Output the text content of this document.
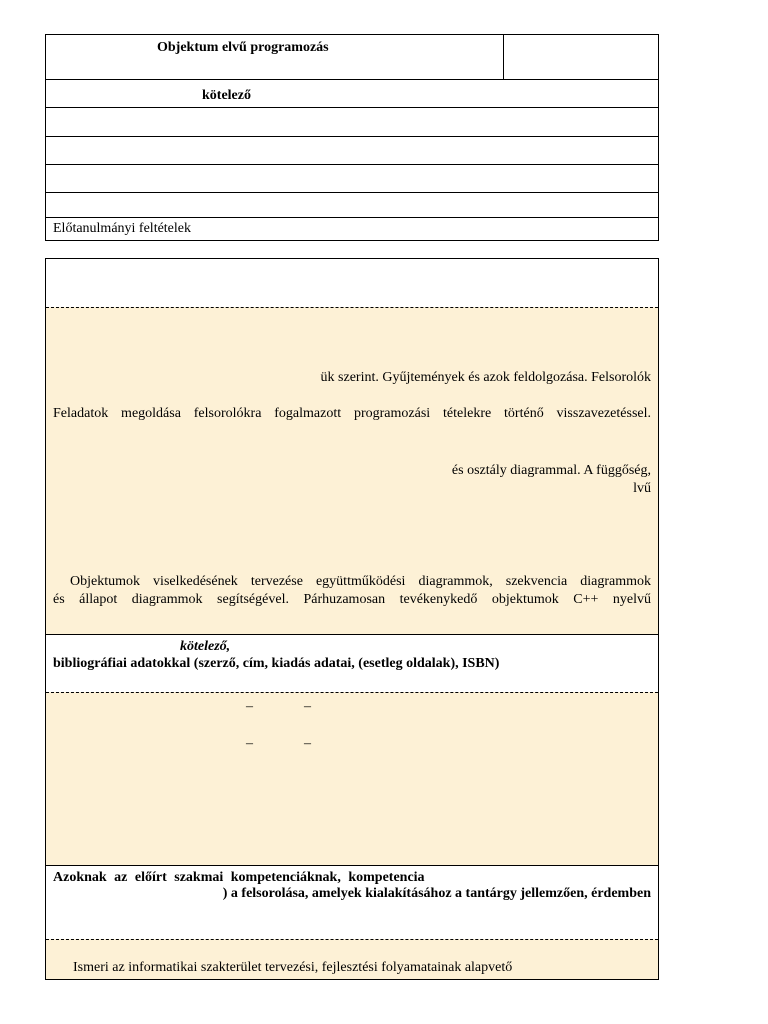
Objektum elvű programozás
kötelező
Előtanulmányi feltételek
ük szerint. Gyűjtemények és azok feldolgozása. Felsorolók
Feladatok megoldása felsorolókra fogalmazott programozási tételekre történő visszavezetéssel.
és osztály diagrammal. A függőség,
lvű
Objektumok viselkedésének tervezése együttműködési diagrammok, szekvencia diagrammok
és állapot diagrammok segítségével. Párhuzamosan tevékenykedő objektumok C++ nyelvű
kötelező,
bibliográfiai adatokkal (szerző, cím, kiadás adatai, (esetleg oldalak), ISBN)
–	–
–	–
Azoknak az előírt szakmai kompetenciáknak, kompetencia
) a felsorolása, amelyek kialakításához a tantárgy jellemzően, érdemben
Ismeri az informatikai szakterület tervezési, fejlesztési folyamatainak alapvető
